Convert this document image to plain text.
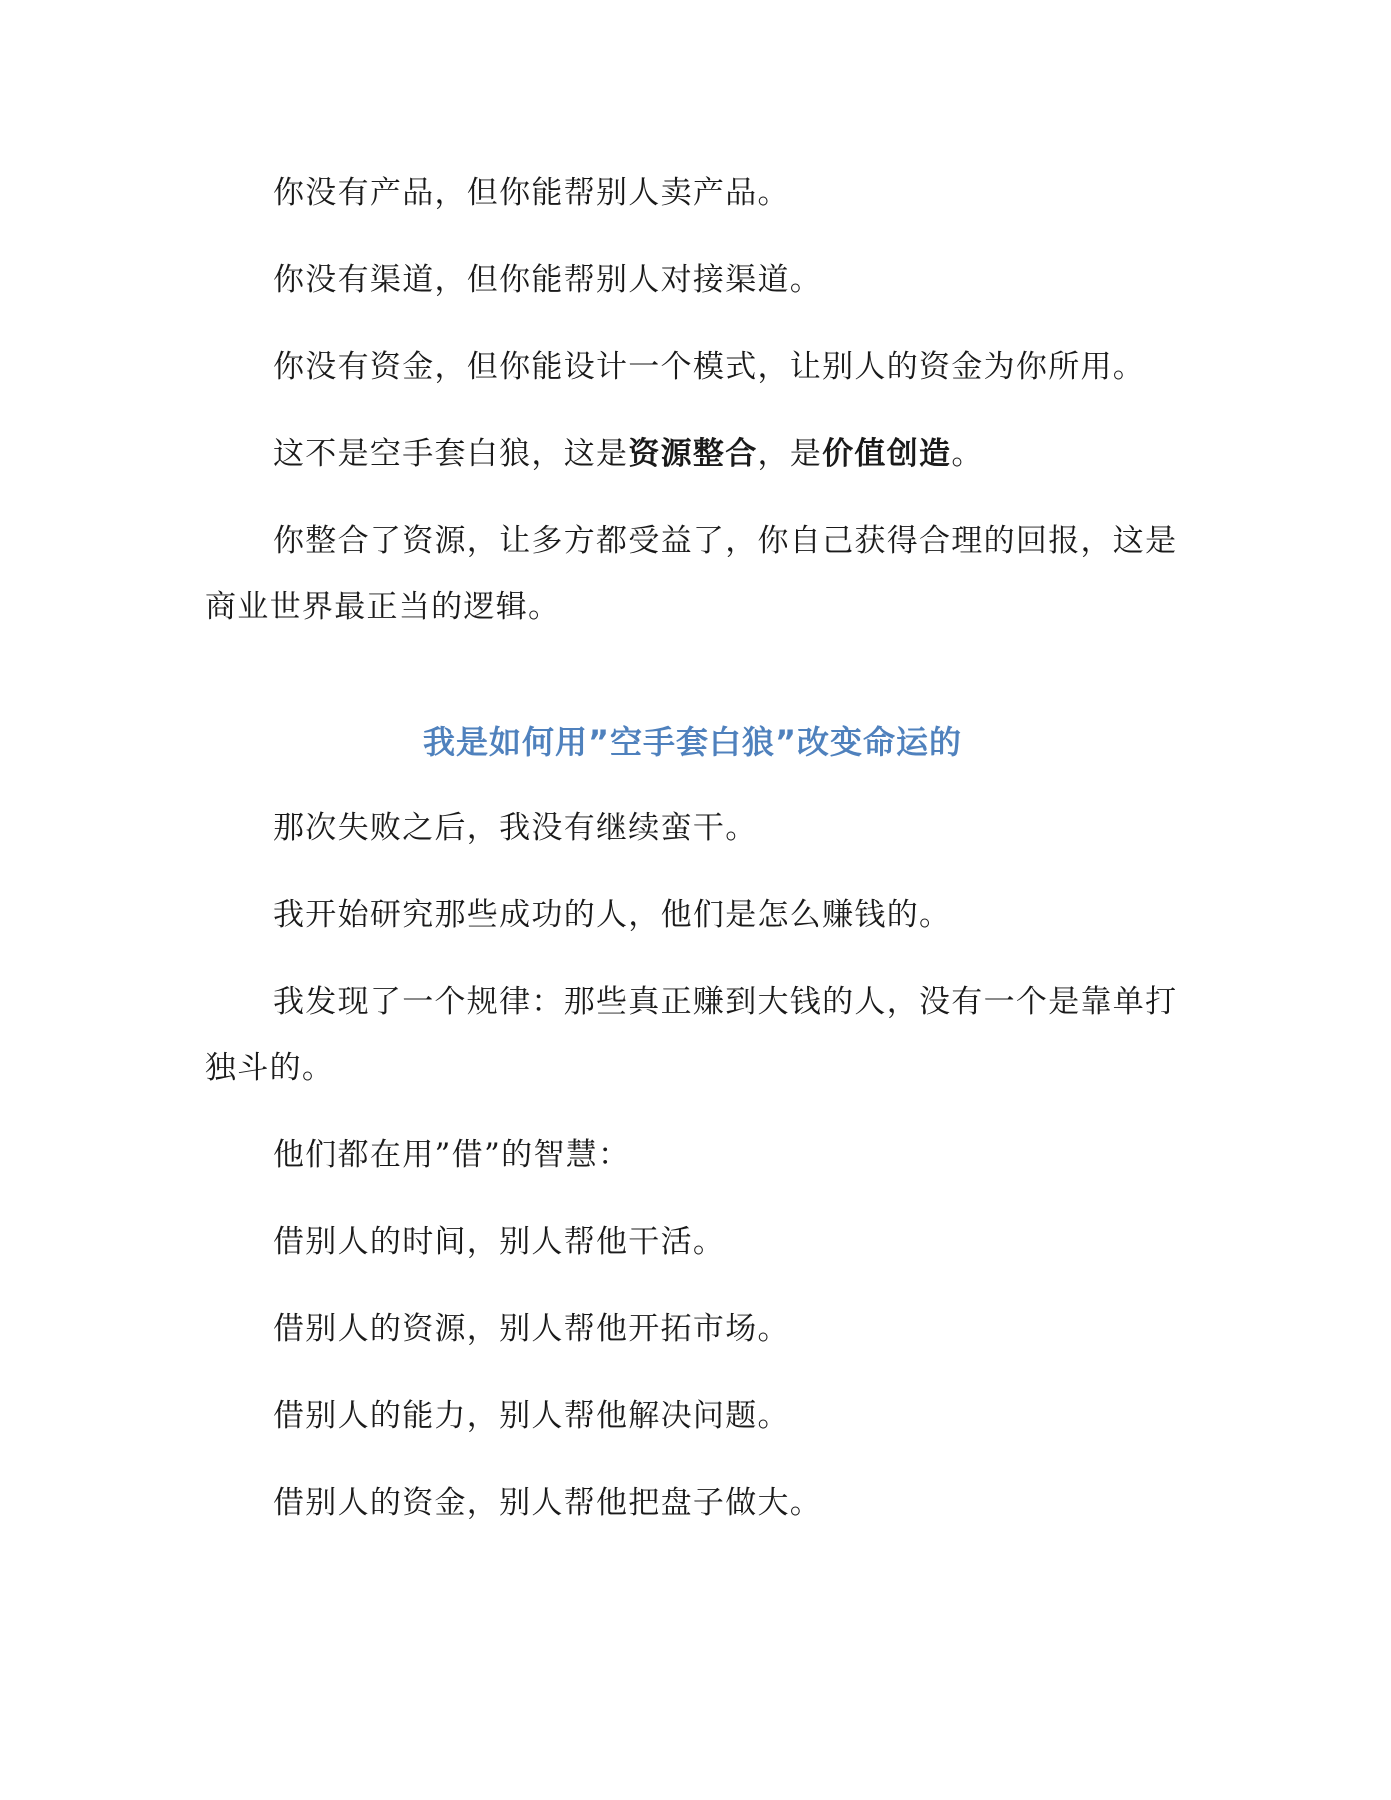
你没有产品，但你能帮别人卖产品。

你没有渠道，但你能帮别人对接渠道。

你没有资金，但你能设计一个模式，让别人的资金为你所用。

这不是空手套白狼，这是资源整合，是价值创造。

你整合了资源，让多方都受益了，你自己获得合理的回报，这是商业世界最正当的逻辑。

我是如何用”空手套白狼”改变命运的

那次失败之后，我没有继续蛮干。

我开始研究那些成功的人，他们是怎么赚钱的。

我发现了一个规律：那些真正赚到大钱的人，没有一个是靠单打独斗的。

他们都在用”借”的智慧：

借别人的时间，别人帮他干活。

借别人的资源，别人帮他开拓市场。

借别人的能力，别人帮他解决问题。

借别人的资金，别人帮他把盘子做大。
